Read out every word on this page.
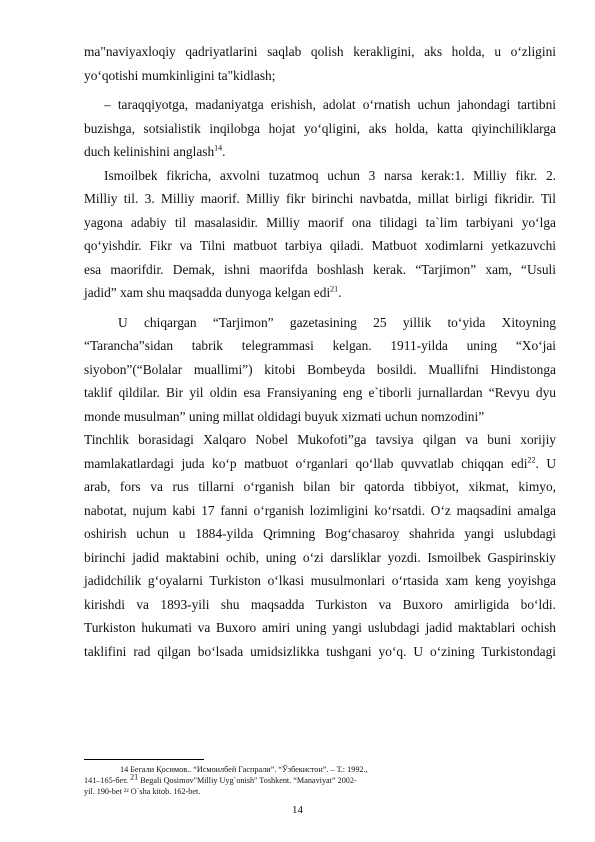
ma"naviyaxloqiy qadriyatlarini saqlab qolish kerakligini, aks holda, u o‘zligini
yo‘qotishi mumkinligini ta"kidlash;
– taraqqiyotga, madaniyatga erishish, adolat o‘rnatish uchun jahondagi tartibni
buzishga, sotsialistik inqilobga hojat yo‘qligini, aks holda, katta qiyinchiliklarga
duch kelinishini anglash$^{14}$.
Ismoilbek fikricha, axvolni tuzatmoq uchun 3 narsa kerak:1. Milliy fikr. 2.
Milliy til. 3. Milliy maorif. Milliy fikr birinchi navbatda, millat birligi fikridir. Til
yagona adabiy til masalasidir. Milliy maorif ona tilidagi ta`lim tarbiyani yo‘lga
qo‘yishdir. Fikr va Tilni matbuot tarbiya qiladi. Matbuot xodimlarni yetkazuvchi
esa maorifdir. Demak, ishni maorifda boshlash kerak. “Tarjimon” xam, “Usuli
jadid” xam shu maqsadda dunyoga kelgan edi$^{21}$.
U chiqargan “Tarjimon” gazetasining 25 yillik to‘yida Xitoyning
“Tarancha”sidan tabrik telegrammasi kelgan. 1911-yilda uning “Xo‘jai
siyobon”(“Bolalar muallimi”) kitobi Bombeyda bosildi. Muallifni Hindistonga
taklif qildilar. Bir yil oldin esa Fransiyaning eng e`tiborli jurnallardan “Revyu dyu
monde musulman” uning millat oldidagi buyuk xizmati uchun nomzodini”
Tinchlik borasidagi Xalqaro Nobel Mukofoti”ga tavsiya qilgan va buni xorijiy
mamlakatlardagi juda ko‘p matbuot o‘rganlari qo‘llab quvvatlab chiqqan edi$^{22}$. U
arab, fors va rus tillarni o‘rganish bilan bir qatorda tibbiyot, xikmat, kimyo,
nabotat, nujum kabi 17 fanni o‘rganish lozimligini ko‘rsatdi. O‘z maqsadini amalga
oshirish uchun u 1884-yilda Qrimning Bog‘chasaroy shahrida yangi uslubdagi
birinchi jadid maktabini ochib, uning o‘zi darsliklar yozdi. Ismoilbek Gaspirinskiy
jadidchilik g‘oyalarni Turkiston o‘lkasi musulmonlari o‘rtasida xam keng yoyishga
kirishdi va 1893-yili shu maqsadda Turkiston va Buxoro amirligida bo‘ldi.
Turkiston hukumati va Buxoro amiri uning yangi uslubdagi jadid maktablari ochish
taklifini rad qilgan bo‘lsada umidsizlikka tushgani yo‘q. U o‘zining Turkistondagi
14 Бегали Қосимов.. “Исмоилбей Гаспрали”. “Ўзбекистон”. – Т.: 1992.,
141–165-бет. $^{21}$ Begali Qosimov"Milliy Uyg`onish" Toshkent. “Manaviyat” 2002-
yil. 190-bet ²² O`sha kitob. 162-bet.
14
